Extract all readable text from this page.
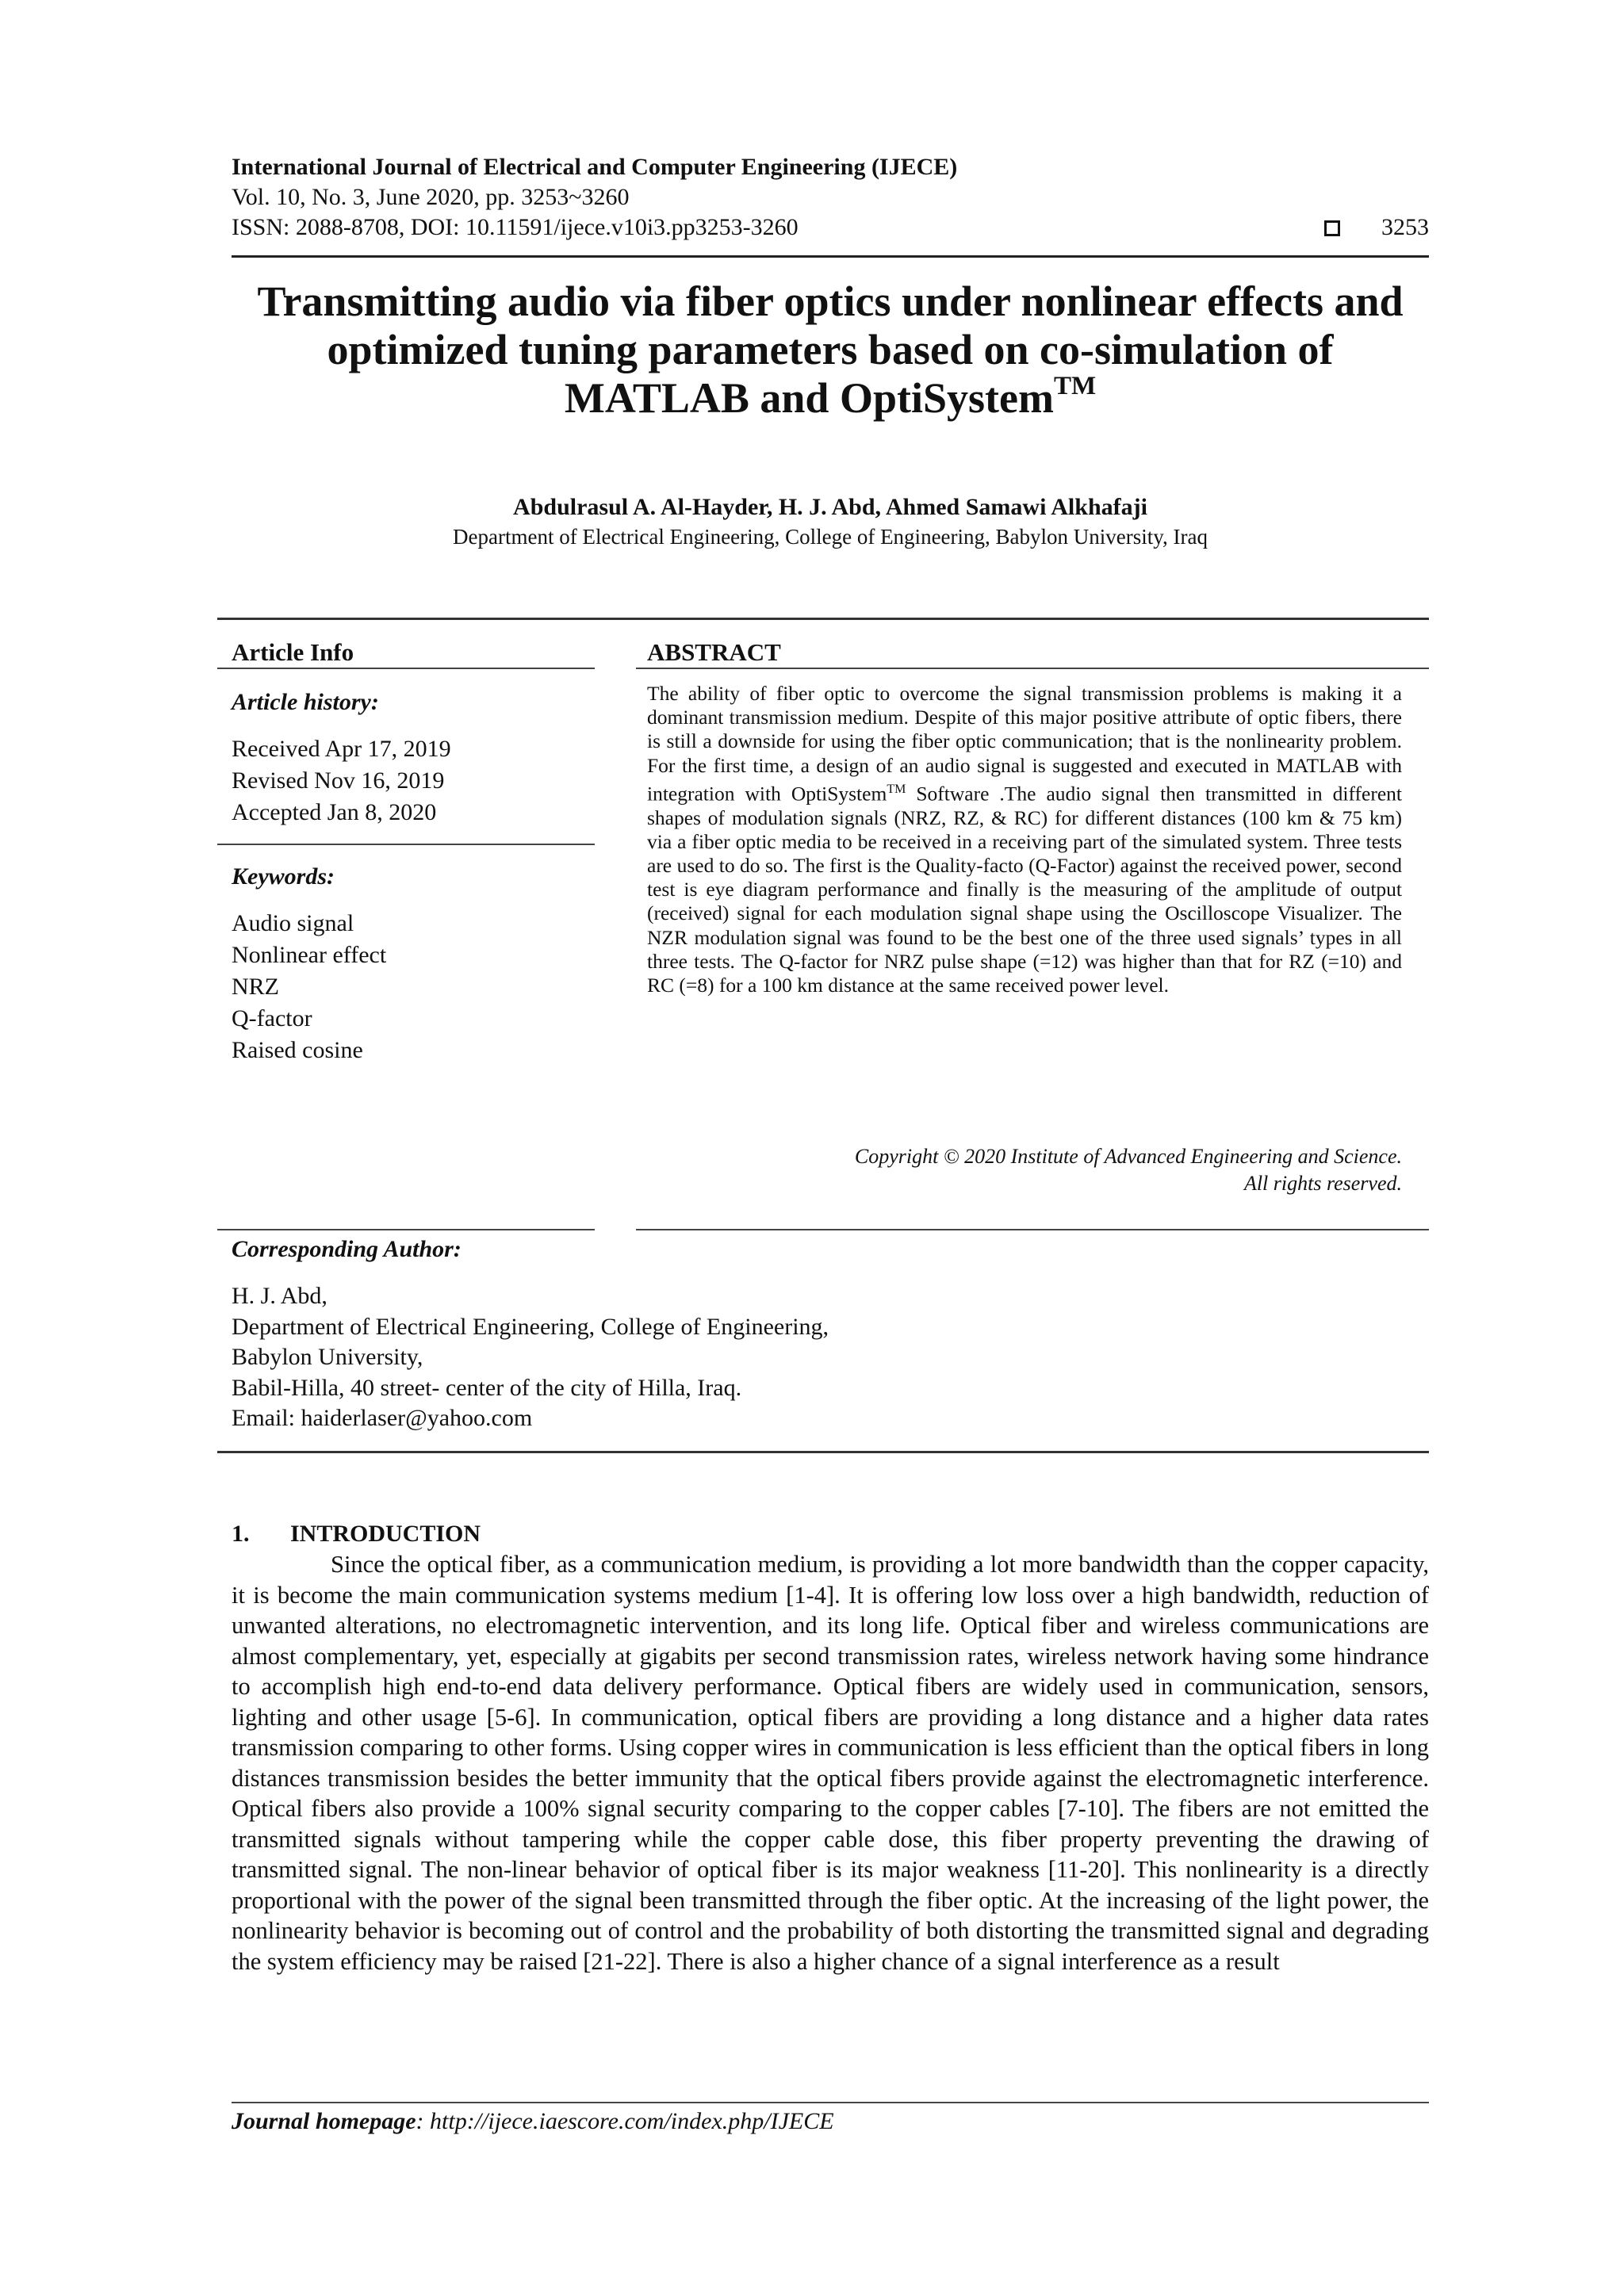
International Journal of Electrical and Computer Engineering (IJECE)
Vol. 10, No. 3, June 2020, pp. 3253~3260
ISSN: 2088-8708, DOI: 10.11591/ijece.v10i3.pp3253-3260	3253
Transmitting audio via fiber optics under nonlinear effects and
optimized tuning parameters based on co-simulation of
MATLAB and OptiSystem™
Abdulrasul A. Al-Hayder, H. J. Abd, Ahmed Samawi Alkhafaji
Department of Electrical Engineering, College of Engineering, Babylon University, Iraq
Article Info
Article history:
Received Apr 17, 2019
Revised Nov 16, 2019
Accepted Jan 8, 2020
Keywords:
Audio signal
Nonlinear effect
NRZ
Q-factor
Raised cosine
ABSTRACT
The ability of fiber optic to overcome the signal transmission problems is making it a dominant transmission medium. Despite of this major positive attribute of optic fibers, there is still a downside for using the fiber optic communication; that is the nonlinearity problem. For the first time, a design of an audio signal is suggested and executed in MATLAB with integration with OptiSystem™ Software .The audio signal then transmitted in different shapes of modulation signals (NRZ, RZ, & RC) for different distances (100 km & 75 km) via a fiber optic media to be received in a receiving part of the simulated system. Three tests are used to do so. The first is the Quality-facto (Q-Factor) against the received power, second test is eye diagram performance and finally is the measuring of the amplitude of output (received) signal for each modulation signal shape using the Oscilloscope Visualizer. The NZR modulation signal was found to be the best one of the three used signals’ types in all three tests. The Q-factor for NRZ pulse shape (=12) was higher than that for RZ (=10) and RC (=8) for a 100 km distance at the same received power level.
Copyright © 2020 Institute of Advanced Engineering and Science.
All rights reserved.
Corresponding Author:
H. J. Abd,
Department of Electrical Engineering, College of Engineering,
Babylon University,
Babil-Hilla, 40 street- center of the city of Hilla, Iraq.
Email: haiderlaser@yahoo.com
1. INTRODUCTION
Since the optical fiber, as a communication medium, is providing a lot more bandwidth than the copper capacity, it is become the main communication systems medium [1-4]. It is offering low loss over a high bandwidth, reduction of unwanted alterations, no electromagnetic intervention, and its long life. Optical fiber and wireless communications are almost complementary, yet, especially at gigabits per second transmission rates, wireless network having some hindrance to accomplish high end-to-end data delivery performance. Optical fibers are widely used in communication, sensors, lighting and other usage [5-6]. In communication, optical fibers are providing a long distance and a higher data rates transmission comparing to other forms. Using copper wires in communication is less efficient than the optical fibers in long distances transmission besides the better immunity that the optical fibers provide against the electromagnetic interference. Optical fibers also provide a 100% signal security comparing to the copper cables [7-10]. The fibers are not emitted the transmitted signals without tampering while the copper cable dose, this fiber property preventing the drawing of transmitted signal. The non-linear behavior of optical fiber is its major weakness [11-20]. This nonlinearity is a directly proportional with the power of the signal been transmitted through the fiber optic. At the increasing of the light power, the nonlinearity behavior is becoming out of control and the probability of both distorting the transmitted signal and degrading the system efficiency may be raised [21-22]. There is also a higher chance of a signal interference as a result
Journal homepage: http://ijece.iaescore.com/index.php/IJECE
